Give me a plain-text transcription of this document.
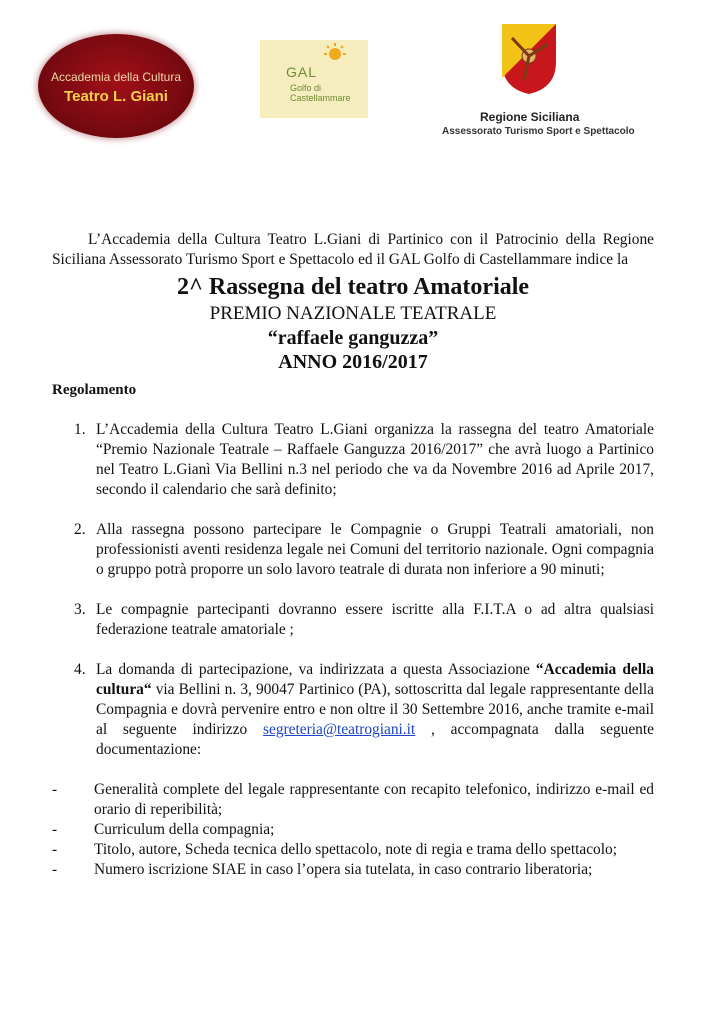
Accademia della Cultura
Teatro L. Giani
GAL
Golfo di Castellammare
Regione Siciliana
Assessorato Turismo Sport e Spettacolo

L’Accademia della Cultura Teatro L.Giani di Partinico con il Patrocinio della Regione Siciliana Assessorato Turismo Sport e Spettacolo ed il GAL Golfo di Castellammare indice la

2^ Rassegna del teatro Amatoriale
PREMIO NAZIONALE TEATRALE
“raffaele ganguzza”
ANNO 2016/2017
Regolamento
1. L’Accademia della Cultura Teatro L.Giani organizza la rassegna del teatro Amatoriale “Premio Nazionale Teatrale – Raffaele Ganguzza 2016/2017” che avrà luogo a Partinico nel Teatro L.Gianì Via Bellini n.3 nel periodo che va da Novembre 2016 ad Aprile 2017, secondo il calendario che sarà definito;
2. Alla rassegna possono partecipare le Compagnie o Gruppi Teatrali amatoriali, non professionisti aventi residenza legale nei Comuni del territorio nazionale. Ogni compagnia o gruppo potrà proporre un solo lavoro teatrale di durata non inferiore a 90 minuti;
3. Le compagnie partecipanti dovranno essere iscritte alla F.I.T.A o ad altra qualsiasi federazione teatrale amatoriale ;
4. La domanda di partecipazione, va indirizzata a questa Associazione “Accademia della cultura“ via Bellini n. 3, 90047 Partinico (PA), sottoscritta dal legale rappresentante della Compagnia e dovrà pervenire entro e non oltre il 30 Settembre 2016, anche tramite e-mail al seguente indirizzo segreteria@teatrogiani.it , accompagnata dalla seguente documentazione:
-	Generalità complete del legale rappresentante con recapito telefonico, indirizzo e-mail ed orario di reperibilità;
-	Curriculum della compagnia;
-	Titolo, autore, Scheda tecnica dello spettacolo, note di regia e trama dello spettacolo;
-	Numero iscrizione SIAE in caso l’opera sia tutelata, in caso contrario liberatoria;
